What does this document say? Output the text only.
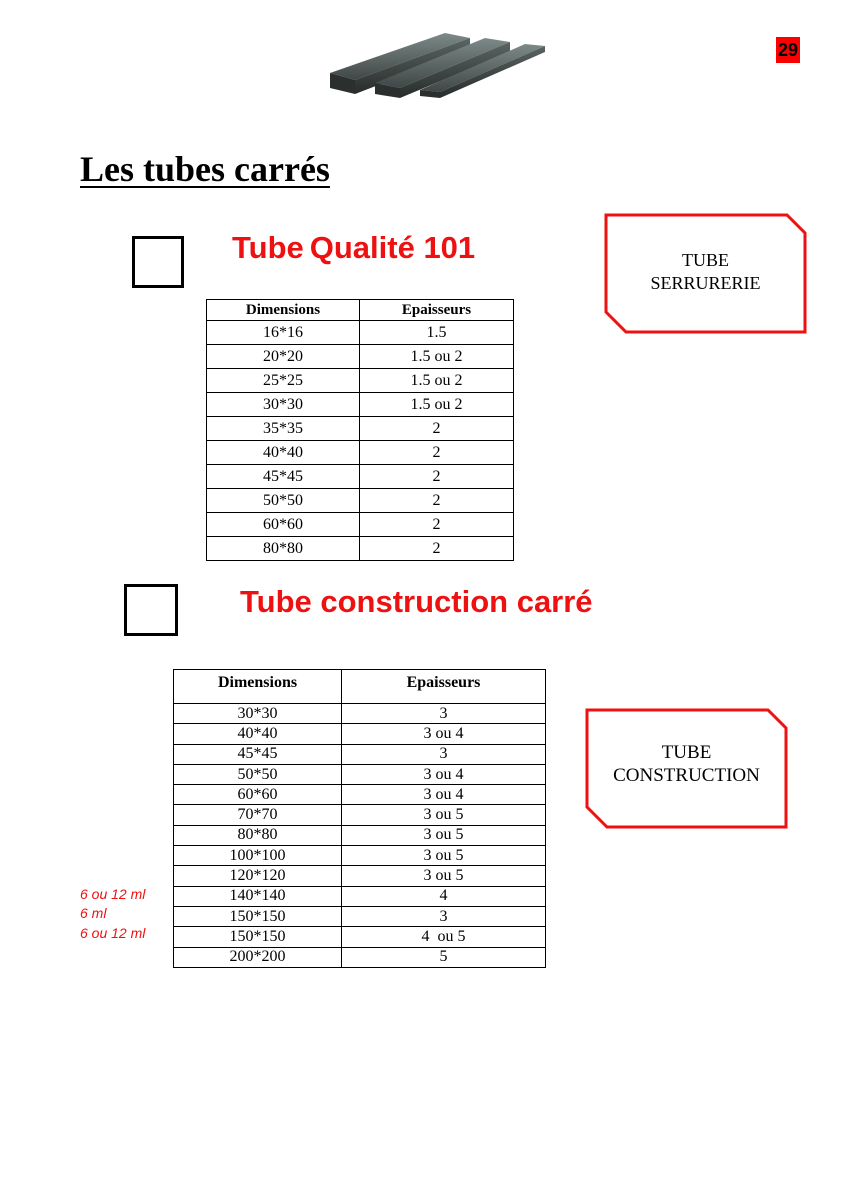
29
Les tubes carrés
Tube Qualité 101	TUBE
SERRURERIE
Dimensions	Epaisseurs
16*16	1.5
20*20	1.5 ou 2
25*25	1.5 ou 2
30*30	1.5 ou 2
35*35	2
40*40	2
45*45	2
50*50	2
60*60	2
80*80	2
Tube construction carré
TUBE
CONSTRUCTION
Dimensions	Epaisseurs
30*30	3
40*40	3 ou 4
45*45	3
50*50	3 ou 4
60*60	3 ou 4
70*70	3 ou 5
80*80	3 ou 5
100*100	3 ou 5
120*120	3 ou 5
140*140	4
150*150	3
150*150	4  ou 5
200*200	5
6 ou 12 ml
6 ml
6 ou 12 ml
